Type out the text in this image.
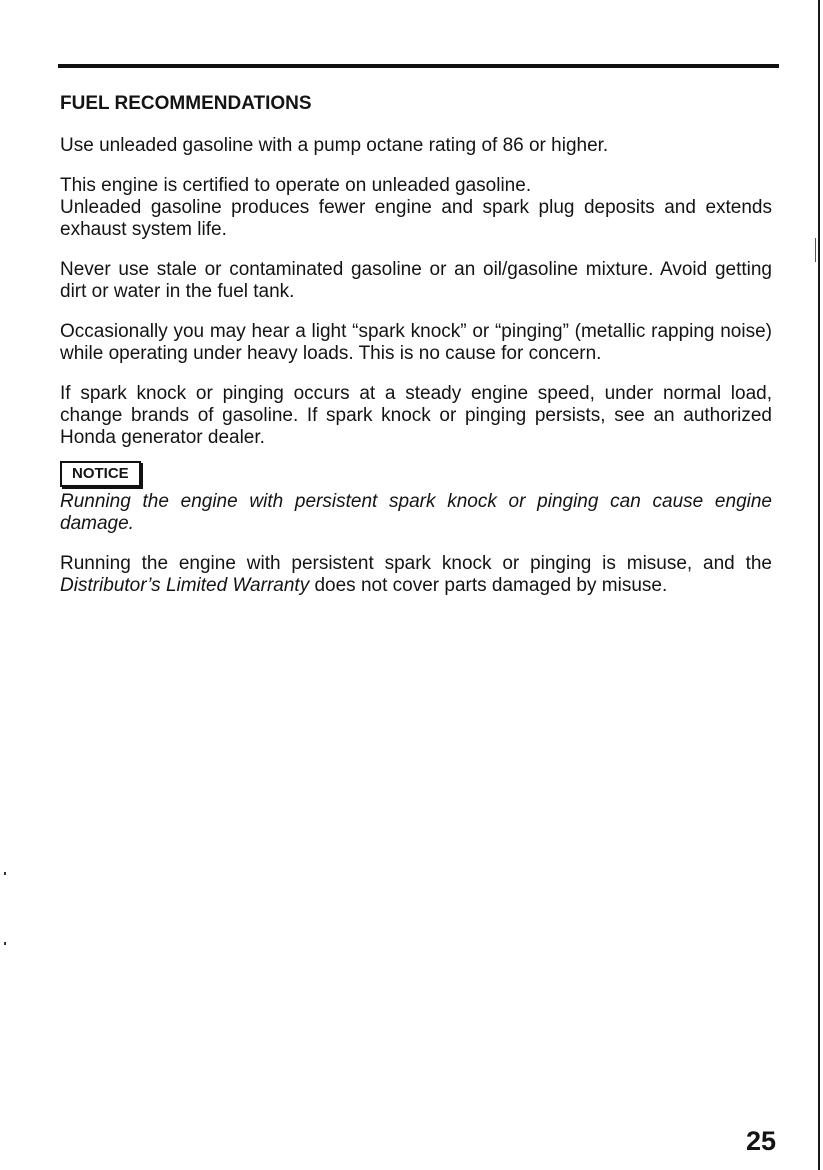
FUEL RECOMMENDATIONS

Use unleaded gasoline with a pump octane rating of 86 or higher.

This engine is certified to operate on unleaded gasoline.

Unleaded gasoline produces fewer engine and spark plug deposits and extends exhaust system life.

Never use stale or contaminated gasoline or an oil/gasoline mixture. Avoid getting dirt or water in the fuel tank.

Occasionally you may hear a light “spark knock” or “pinging” (metallic rapping noise) while operating under heavy loads. This is no cause for concern.

If spark knock or pinging occurs at a steady engine speed, under normal load, change brands of gasoline. If spark knock or pinging persists, see an authorized Honda generator dealer.

NOTICE

Running the engine with persistent spark knock or pinging can cause engine damage.

Running the engine with persistent spark knock or pinging is misuse, and the Distributor’s Limited Warranty does not cover parts damaged by misuse.

25
